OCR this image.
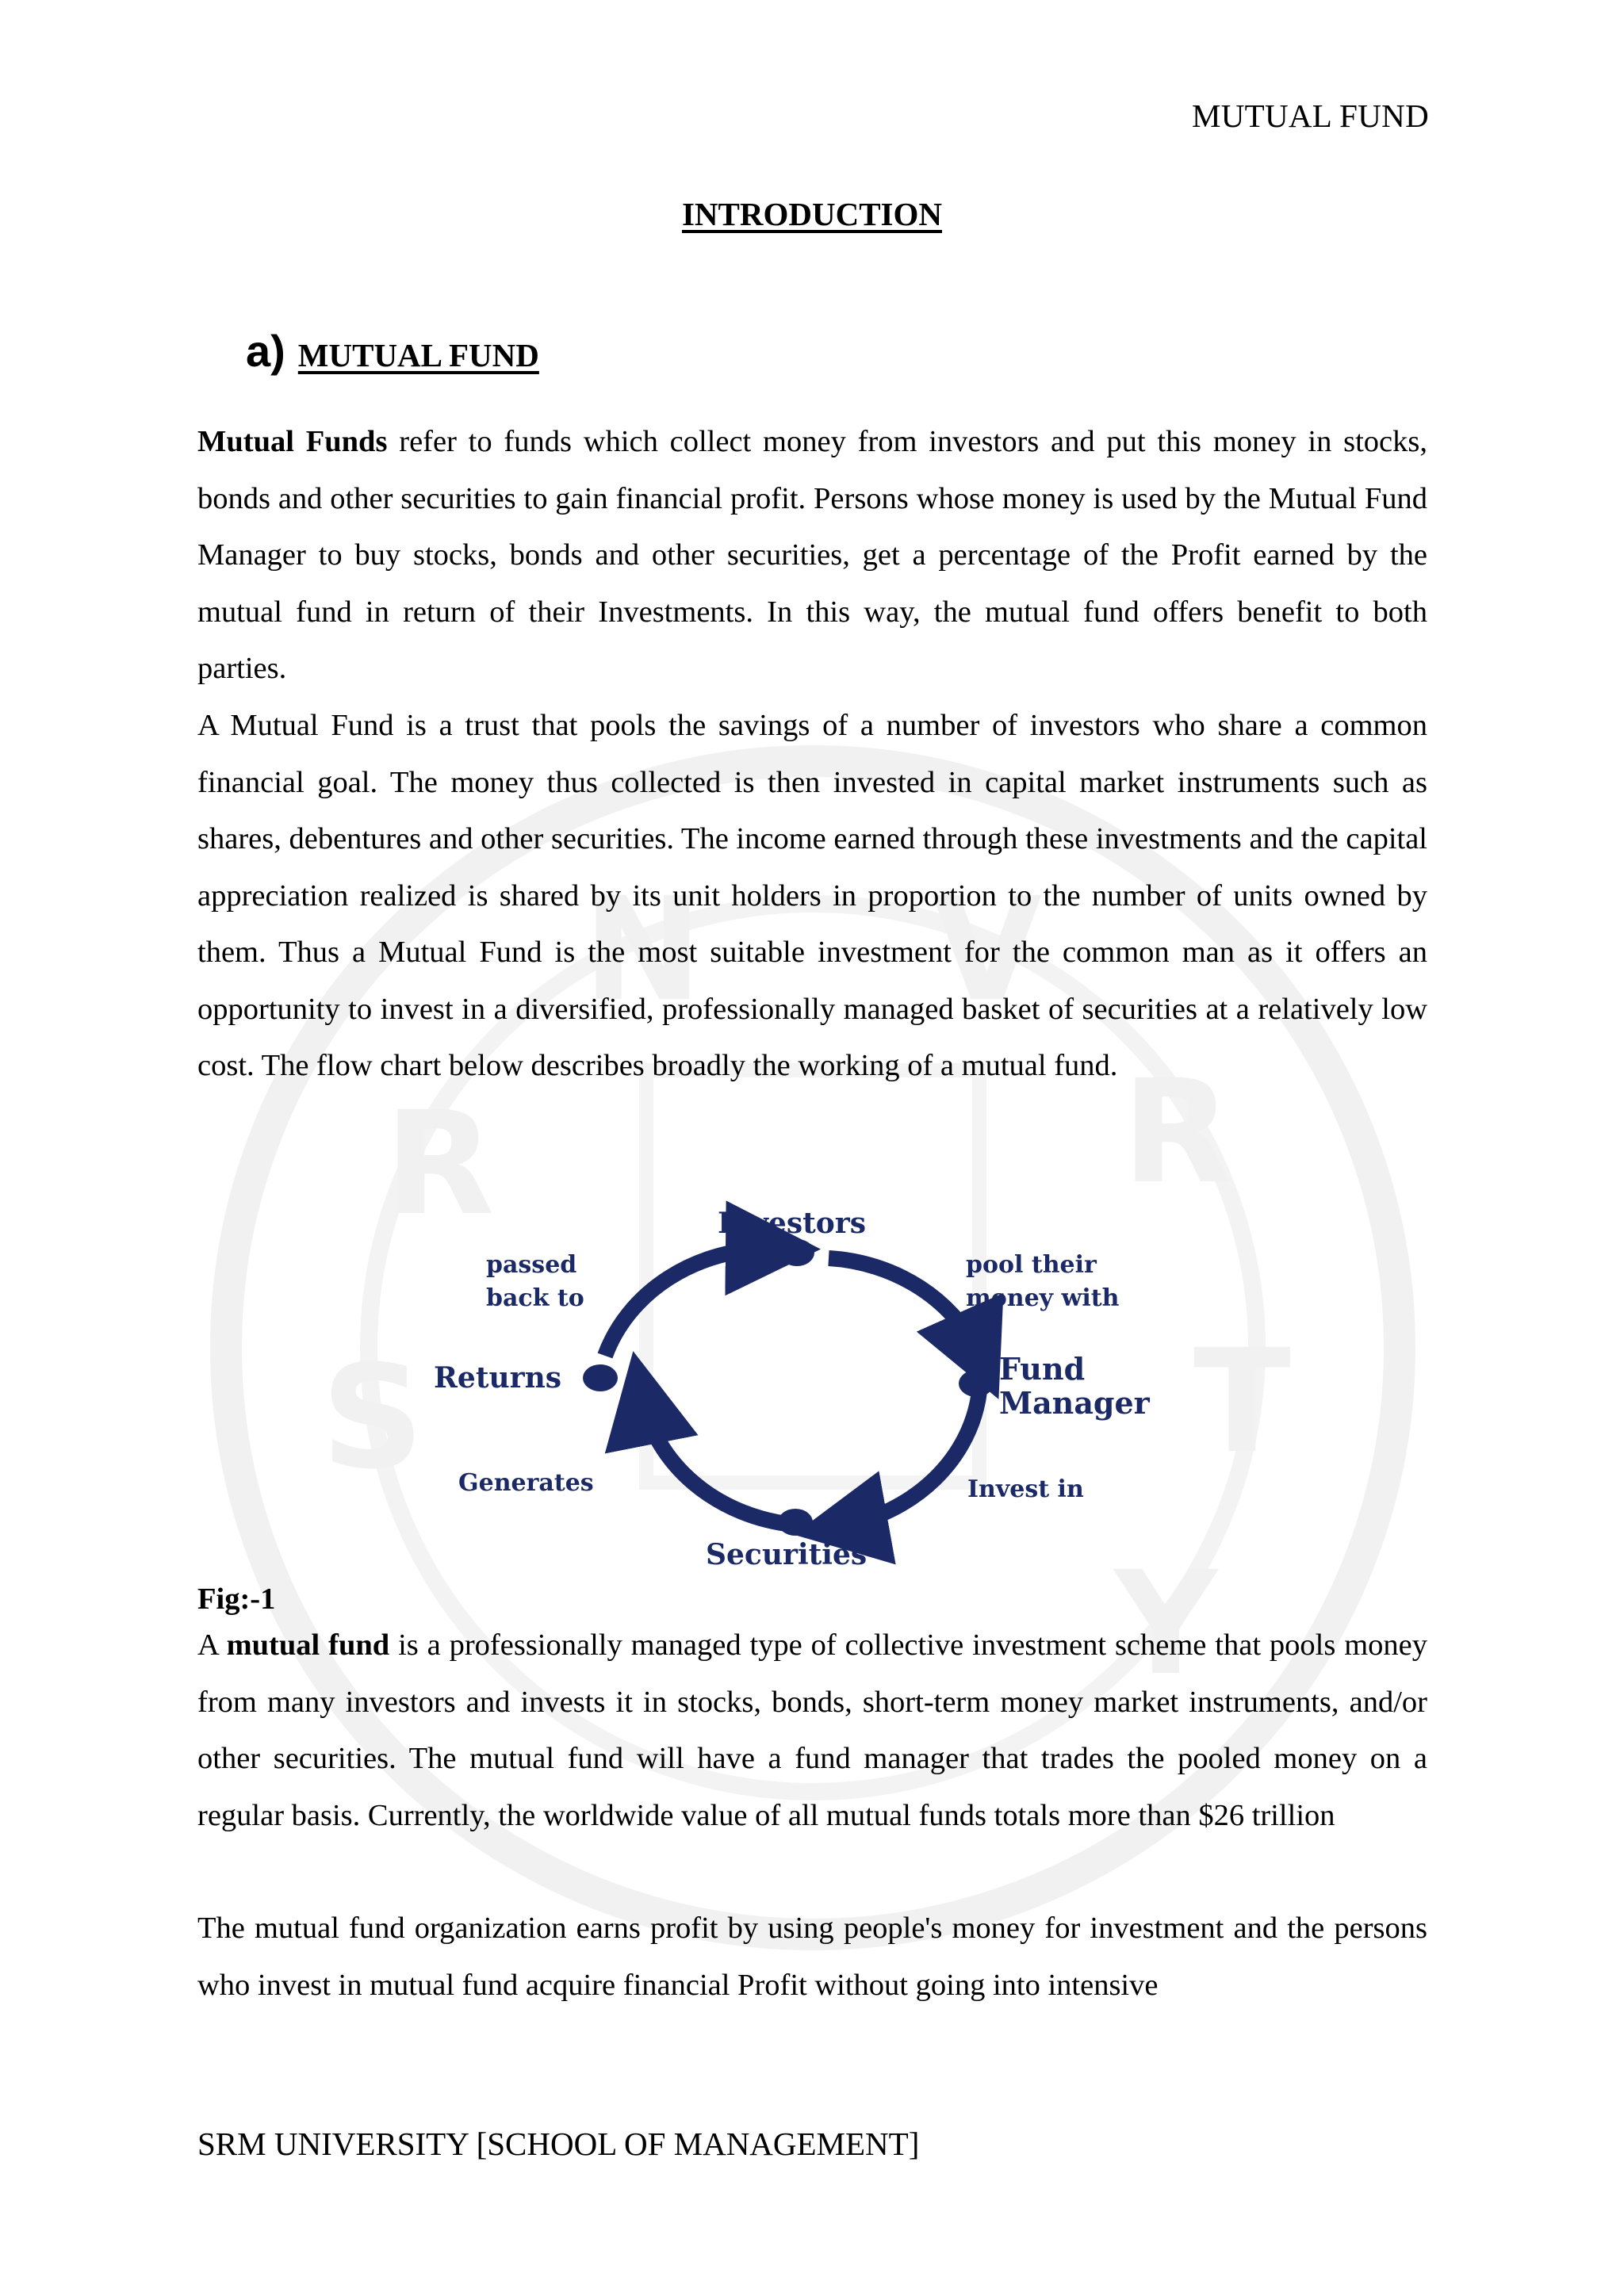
S
R
N V
R
T
Y
MUTUAL FUND
INTRODUCTION
a) MUTUAL FUND

Mutual Funds refer to funds which collect money from investors and put this money in stocks, bonds and other securities to gain financial profit. Persons whose money is used by the Mutual Fund Manager to buy stocks, bonds and other securities, get a percentage of the Profit earned by the mutual fund in return of their Investments. In this way, the mutual fund offers benefit to both parties.

A Mutual Fund is a trust that pools the savings of a number of investors who share a common financial goal. The money thus collected is then invested in capital market instruments such as shares, debentures and other securities. The income earned through these investments and the capital appreciation realized is shared by its unit holders in proportion to the number of units owned by them. Thus a Mutual Fund is the most suitable investment for the common man as it offers an opportunity to invest in a diversified, professionally managed basket of securities at a relatively low cost. The flow chart below describes broadly the working of a mutual fund.

Investors
Fund
Manager
Securities
Returns
pool their
money with
Invest in
Generates
passed
back to
Fig:-1

A mutual fund is a professionally managed type of collective investment scheme that pools money from many investors and invests it in stocks, bonds, short-term money market instruments, and/or other securities. The mutual fund will have a fund manager that trades the pooled money on a regular basis. Currently, the worldwide value of all mutual funds totals more than $26 trillion

The mutual fund organization earns profit by using people's money for investment and the persons who invest in mutual fund acquire financial Profit without going into intensive

SRM UNIVERSITY [SCHOOL OF MANAGEMENT]
